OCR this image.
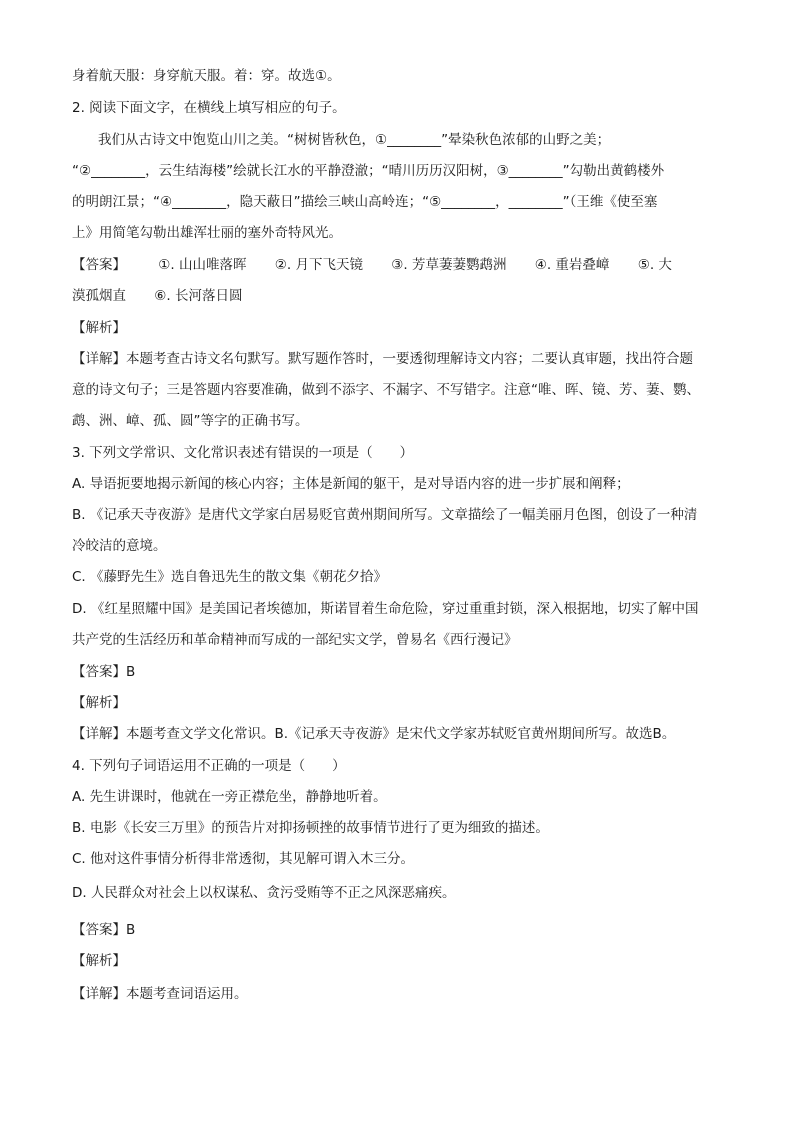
身着航天服：身穿航天服。着：穿。故选①。
2. 阅读下面文字，在横线上填写相应的句子。
我们从古诗文中饱览山川之美。“树树皆秋色，①________”晕染秋色浓郁的山野之美；
“②________，云生结海楼”绘就长江水的平静澄澈；“晴川历历汉阳树，③________”勾勒出黄鹤楼外
的明朗江景；“④________，隐天蔽日”描绘三峡山高岭连；“⑤________，________”（王维《使至塞
上》用简笔勾勒出雄浑壮丽的塞外奇特风光。
【答案】 ①. 山山唯落晖 ②. 月下飞天镜 ③. 芳草萋萋鹦鹉洲 ④. 重岩叠嶂 ⑤. 大
漠孤烟直 ⑥. 长河落日圆
【解析】
【详解】本题考查古诗文名句默写。默写题作答时，一要透彻理解诗文内容；二要认真审题，找出符合题
意的诗文句子；三是答题内容要准确，做到不添字、不漏字、不写错字。注意“唯、晖、镜、芳、萋、鹦、
鹉、洲、嶂、孤、圆”等字的正确书写。
3. 下列文学常识、文化常识表述有错误的一项是（　　）
A. 导语扼要地揭示新闻的核心内容；主体是新闻的躯干，是对导语内容的进一步扩展和阐释；
B. 《记承天寺夜游》是唐代文学家白居易贬官黄州期间所写。文章描绘了一幅美丽月色图，创设了一种清
冷皎洁的意境。
C. 《藤野先生》选自鲁迅先生的散文集《朝花夕拾》
D. 《红星照耀中国》是美国记者埃德加，斯诺冒着生命危险，穿过重重封锁，深入根据地，切实了解中国
共产党的生活经历和革命精神而写成的一部纪实文学，曾易名《西行漫记》
【答案】B
【解析】
【详解】本题考查文学文化常识。B.《记承天寺夜游》是宋代文学家苏轼贬官黄州期间所写。故选B。
4. 下列句子词语运用不正确的一项是（　　）
A. 先生讲课时，他就在一旁正襟危坐，静静地听着。
B. 电影《长安三万里》的预告片对抑扬顿挫的故事情节进行了更为细致的描述。
C. 他对这件事情分析得非常透彻，其见解可谓入木三分。
D. 人民群众对社会上以权谋私、贪污受贿等不正之风深恶痛疾。
【答案】B
【解析】
【详解】本题考查词语运用。
